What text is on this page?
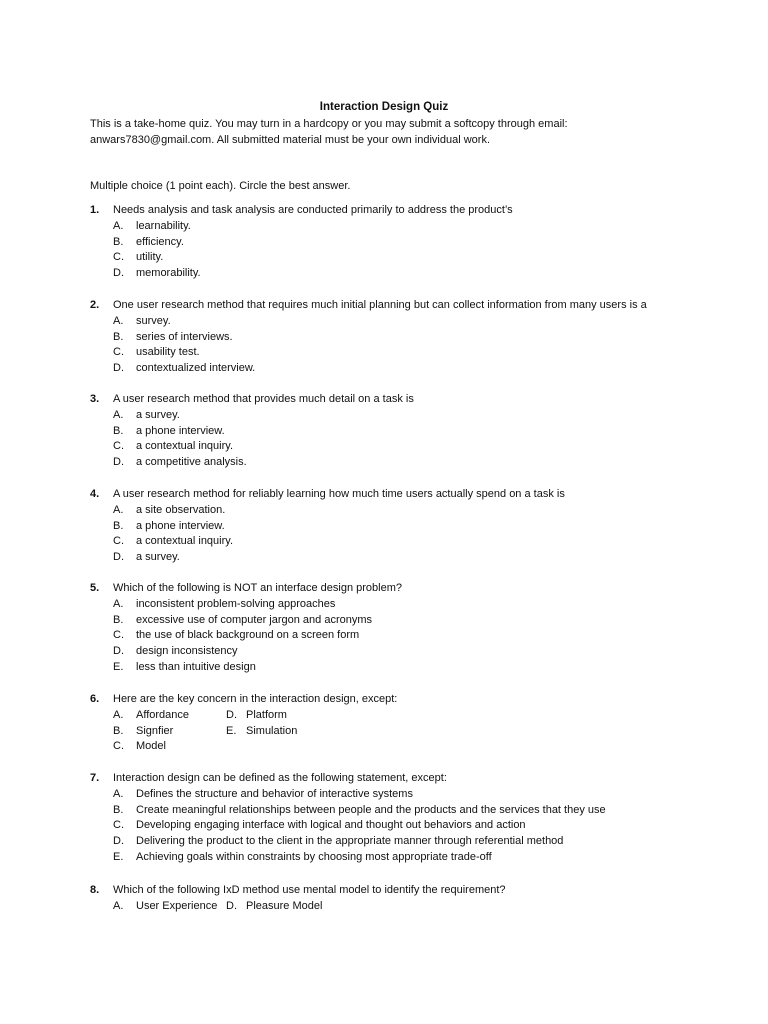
Interaction Design Quiz
This is a take-home quiz. You may turn in a hardcopy or you may submit a softcopy through email:
anwars7830@gmail.com. All submitted material must be your own individual work.
Multiple choice (1 point each). Circle the best answer.
1. Needs analysis and task analysis are conducted primarily to address the product’s
A. learnability.
B. efficiency.
C. utility.
D. memorability.
2. One user research method that requires much initial planning but can collect information from many users is a
A. survey.
B. series of interviews.
C. usability test.
D. contextualized interview.
3. A user research method that provides much detail on a task is
A. a survey.
B. a phone interview.
C. a contextual inquiry.
D. a competitive analysis.
4. A user research method for reliably learning how much time users actually spend on a task is
A. a site observation.
B. a phone interview.
C. a contextual inquiry.
D. a survey.
5. Which of the following is NOT an interface design problem?
A. inconsistent problem-solving approaches
B. excessive use of computer jargon and acronyms
C. the use of black background on a screen form
D. design inconsistency
E. less than intuitive design
6. Here are the key concern in the interaction design, except:
A. Affordance	D. Platform
B. Signfier	E. Simulation
C. Model
7. Interaction design can be defined as the following statement, except:
A. Defines the structure and behavior of interactive systems
B. Create meaningful relationships between people and the products and the services that they use
C. Developing engaging interface with logical and thought out behaviors and action
D. Delivering the product to the client in the appropriate manner through referential method
E. Achieving goals within constraints by choosing most appropriate trade-off
8. Which of the following IxD method use mental model to identify the requirement?
A. User Experience D. Pleasure Model
